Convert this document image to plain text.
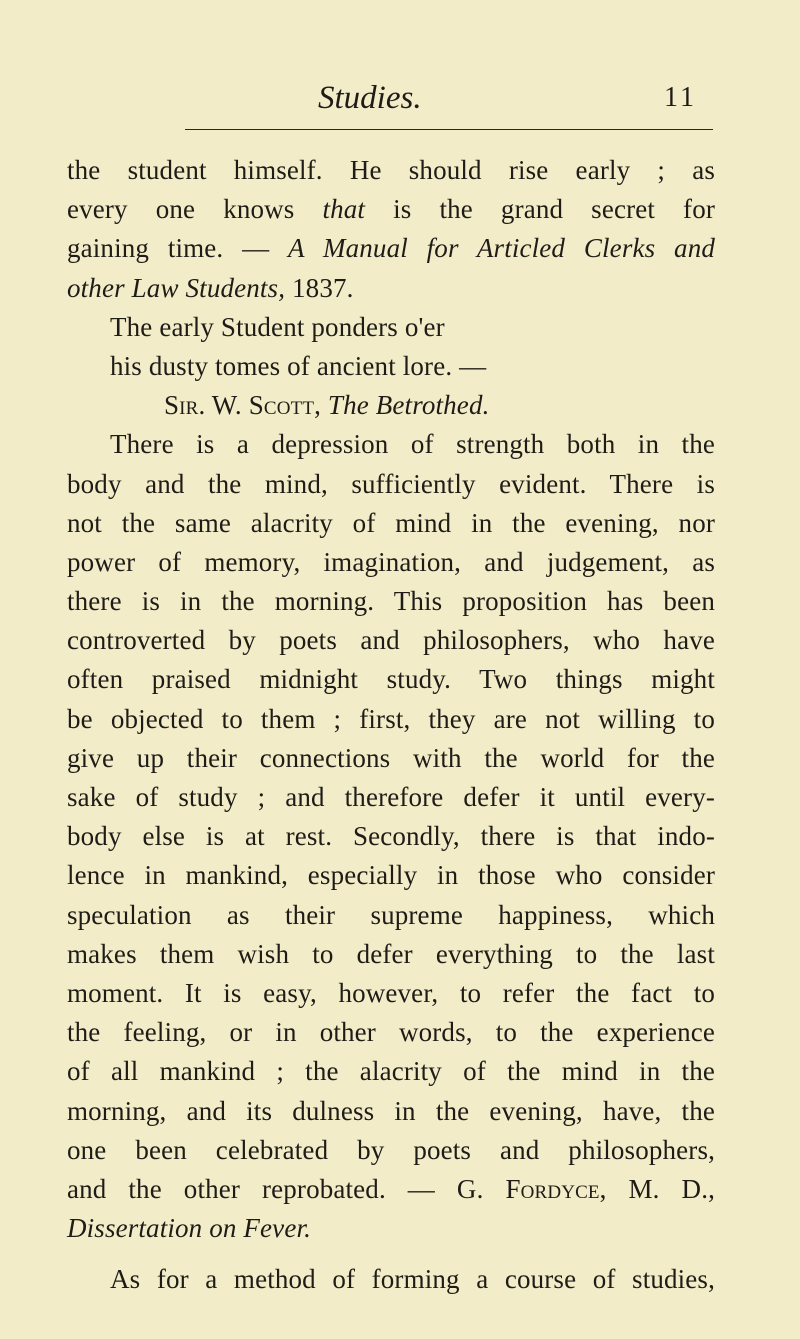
Studies.	11

the student himself. He should rise early ; as
every one knows that is the grand secret for
gaining time. — A Manual for Articled Clerks and
other Law Students, 1837.

The early Student ponders o'er
his dusty tomes of ancient lore. —
Sir. W. Scott, The Betrothed.

There is a depression of strength both in the
body and the mind, sufficiently evident. There is
not the same alacrity of mind in the evening, nor
power of memory, imagination, and judgement, as
there is in the morning. This proposition has been
controverted by poets and philosophers, who have
often praised midnight study. Two things might
be objected to them ; first, they are not willing to
give up their connections with the world for the
sake of study ; and therefore defer it until every-
body else is at rest. Secondly, there is that indo-
lence in mankind, especially in those who consider
speculation as their supreme happiness, which
makes them wish to defer everything to the last
moment. It is easy, however, to refer the fact to
the feeling, or in other words, to the experience
of all mankind ; the alacrity of the mind in the
morning, and its dulness in the evening, have, the
one been celebrated by poets and philosophers,
and the other reprobated. — G. Fordyce, M. D.,
Dissertation on Fever.

As for a method of forming a course of studies,
